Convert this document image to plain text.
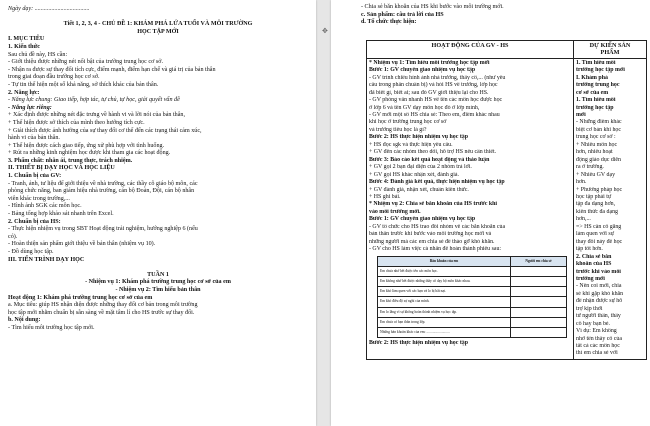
Ngày dạy: ....................................

Tiết 1, 2, 3, 4 - CHỦ ĐỀ 1: KHÁM PHÁ LỨA TUỔI VÀ MÔI TRƯỜNG
HỌC TẬP MỚI
I. MỤC TIÊU
1. Kiến thức
Sau chủ đề này, HS cần:
- Giới thiệu được những nét nổi bật của trường trung học cơ sở.
- Nhận ra được sự thay đổi tích cực, điểm mạnh, điểm hạn chế và giá trị của bản thân
trong giai đoạn đầu trường học cơ sở.
- Tự tin thể hiện một số khả năng, sở thích khác của bản thân.
2. Năng lực:
- Năng lực chung: Giao tiếp, hợp tác, tự chủ, tự học, giải quyết vấn đề
- Năng lực riêng:
+ Xác định được những nét đặc trưng về hành vi và lời nói của bản thân,
+ Thể hiện được sở thích của mình theo hướng tích cực.
+ Giải thích được ảnh hưởng của sự thay đổi cơ thể đến các trạng thái cảm xúc,
hành vi của bản thân.
+ Thể hiện được cách giao tiếp, ứng xử phù hợp với tình huống.
+ Rút ra những kinh nghiệm học được khi tham gia các hoạt động.
3. Phẩm chất: nhân ái, trung thực, trách nhiệm.
II. THIẾT BỊ DẠY HỌC VÀ HỌC LIỆU
1. Chuẩn bị của GV:
- Tranh, ảnh, tư liệu để giới thiệu về nhà trường, các thầy cô giáo bộ môn, các
phòng chức năng, ban giám hiệu nhà trường, cán bộ Đoàn, Đội, cán bộ nhân
viên khác trong trường,...
- Hình ảnh SGK các môn học.
- Bảng tổng hợp khảo sát nhanh trên Excel.
2. Chuẩn bị của HS:
- Thực hiện nhiệm vụ trong SBT Hoạt động trải nghiệm, hướng nghiệp 6 (nếu
có).
- Hoàn thiện sản phẩm giới thiệu về bản thân (nhiệm vụ 10).
- Đồ dùng học tập.
III. TIẾN TRÌNH DẠY HỌC

TUẦN 1
- Nhiệm vụ 1: Khám phá trường trung học cơ sở của em
- Nhiệm vụ 2: Tìm hiểu bản thân
Hoạt động 1: Khám phá trường trung học cơ sở của em
a. Mục tiêu: giúp HS nhận diện được những thay đổi cơ bản trong môi trường
học tập mới nhằm chuẩn bị sẵn sàng về mặt tâm lí cho HS trước sự thay đổi.
b. Nội dung:
- Tìm hiểu môi trường học tập mới.
✥
- Chia sẻ băn khoăn của HS khi bước vào môi trường mới.
c. Sản phẩm: câu trả lời của HS
d. Tổ chức thực hiện:
HOẠT ĐỘNG CỦA GV - HS	DỰ KIẾN SẢN
PHẨM

* Nhiệm vụ 1: Tìm hiểu môi trường học tập mới
Bước 1: GV chuyển giao nhiệm vụ học tập
- GV trình chiếu hình ảnh nhà trường, thầy cô,... (như yêu
cầu trong phần chuẩn bị) và hỏi HS về trường, lớp học
đã biết gì, biết ai; sau đó GV giới thiệu lại cho HS.
- GV phỏng vấn nhanh HS về tên các môn học được học
ở lớp 6 và tên GV dạy môn học đó ở lớp mình,
- GV mời một số HS chia sẻ: Theo em, điểm khác nhau
khi học ở trường trung học cơ sở
và trường tiểu học là gì?
Bước 2: HS thực hiện nhiệm vụ học tập
+ HS đọc sgk và thực hiện yêu cầu.
+ GV đến các nhóm theo dõi, hỗ trợ HS nếu cần thiết.
Bước 3: Báo cáo kết quả hoạt động và thảo luận
+ GV gọi 2 bạn đại diện của 2 nhóm trả lời.
+ GV gọi HS khác nhận xét, đánh giá.
Bước 4: Đánh giá kết quả, thực hiện nhiệm vụ học tập
+ GV đánh giá, nhận xét, chuẩn kiến thức.
+ HS ghi bài.
* Nhiệm vụ 2: Chia sẻ băn khoăn của HS trước khi
vào môi trường mới.
Bước 1: GV chuyển giao nhiệm vụ học tập
- GV tổ chức cho HS trao đổi nhóm về các băn khoăn của
bản thân trước khi bước vào môi trường học mới và
những người mà các em chia sẻ để tháo gỡ khó khăn.
- GV cho HS làm việc cá nhân để hoàn thành phiếu sau:
Băn khoăn của em	Người em chia sẻ
Em chưa nhớ hết được tên các môn học.	
Em không nhớ hết được những thầy cô dạy bộ môn khác nhau.	
Em khó làm quen với các bạn và lo bị bắt nạt.	
Em khó điều độ sự nghỉ của mình.	
Em lo lắng vì sự không hoàn thành nhiệm vụ học tập.	
Em chưa có bạn thân trong lớp.	
Những băn khoăn khác của em: ..........................	
Bước 2: HS thực hiện nhiệm vụ học tập

1. Tìm hiểu môi
trường học tập mới
I. Khám phá
trường trung học
cơ sở của em
1. Tìm hiểu môi
trường học tập
mới
- Những điểm khác
biệt cơ bản khi học
trung học cơ sở :
+ Nhiều môn học
hơn, nhiều hoạt
động giáo dục diễn
ra ở trường.
+ Nhiều GV dạy
hơn.
+ Phương pháp học
học tập phải tự
tập đa dạng hơn,
kiến thức đa dạng
hơn,...
=> HS cần cố gắng
làm quen với sự
thay đổi này để học
tập tốt hơn.
2. Chia sẻ băn
khoăn của HS
trước khi vào môi
trường mới
- Nên coi mới, chia
sẻ khi gặp khó khăn
để nhận được sự hỗ
trợ kịp thời
từ người thân, thầy
cô hay bạn bè.
Ví dụ: Em không
nhớ tên thầy cô của
tất cả các môn học
thì em chia sẻ với
